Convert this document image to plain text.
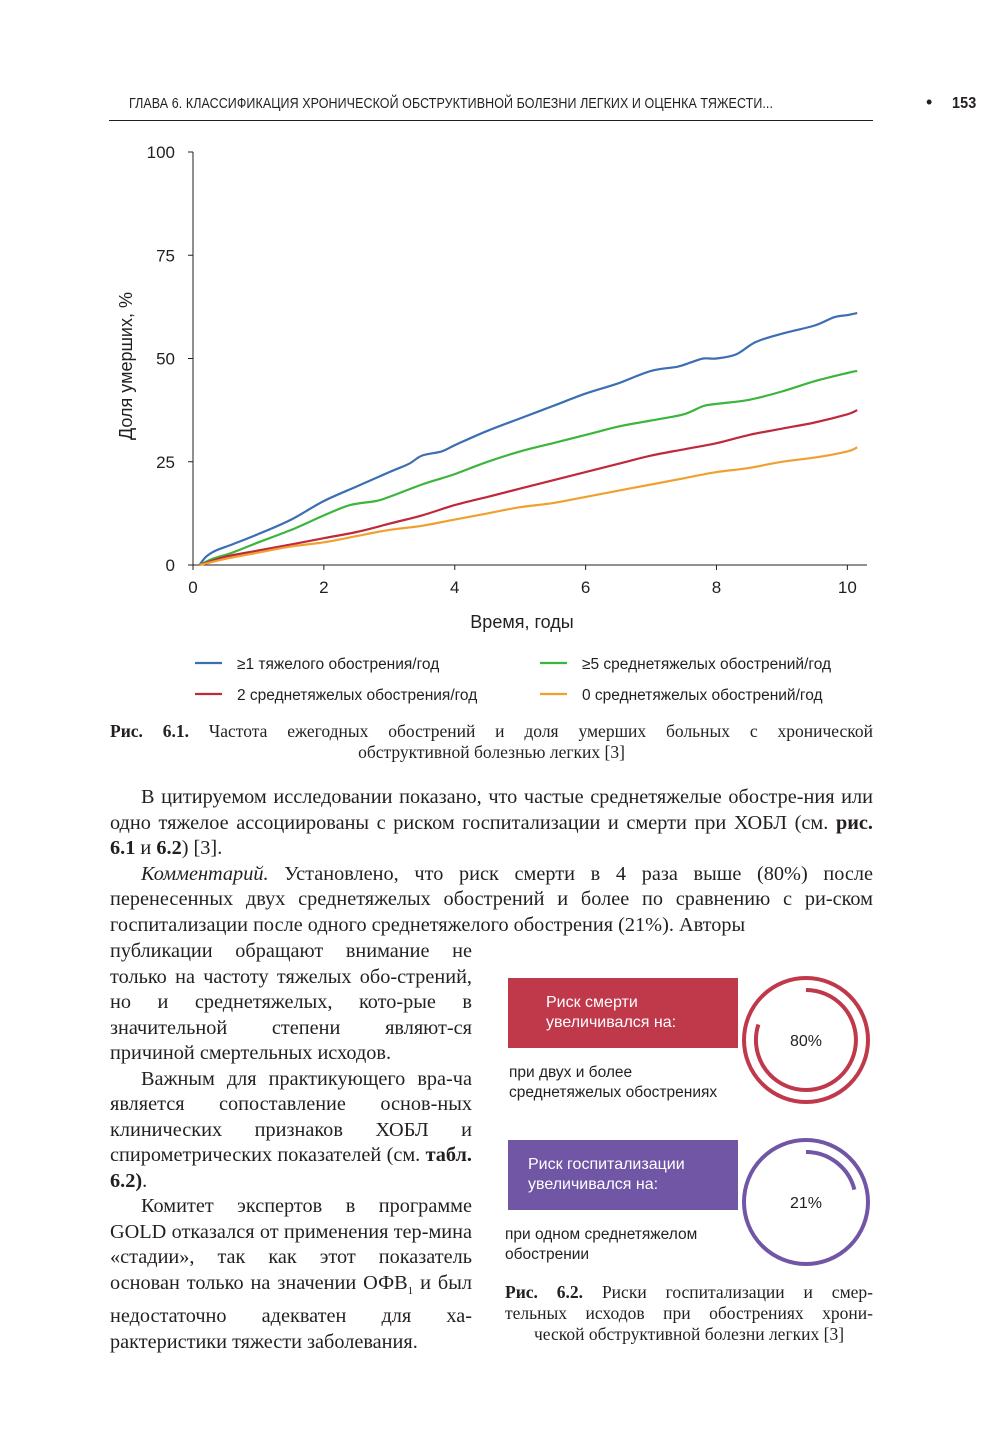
ГЛАВА 6. КЛАССИФИКАЦИЯ ХРОНИЧЕСКОЙ ОБСТРУКТИВНОЙ БОЛЕЗНИ ЛЕГКИХ И ОЦЕНКА ТЯЖЕСТИ...	• 153
0
25
50
75
100
0	2	4	6	8	10
Доля умерших, %
Время, годы
≥1 тяжелого обострения/год
2 среднетяжелых обострения/год
≥5 среднетяжелых обострений/год
0 среднетяжелых обострений/год
Рис. 6.1. Частота ежегодных обострений и доля умерших больных с хронической
обструктивной болезнью легких [3]

В цитируемом исследовании показано, что частые среднетяжелые обостре-ния или одно тяжелое ассоциированы с риском госпитализации и смерти при ХОБЛ (см. рис. 6.1 и 6.2) [3].

Комментарий. Установлено, что риск смерти в 4 раза выше (80%) после перенесенных двух среднетяжелых обострений и более по сравнению с ри-ском госпитализации после одного среднетяжелого обострения (21%). Авторы

публикации обращают внимание не только на частоту тяжелых обо-стрений, но и среднетяжелых, кото-рые в значительной степени являют-ся причиной смертельных исходов.

Важным для практикующего вра-ча является сопоставление основ-ных клинических признаков ХОБЛ и спирометрических показателей (см. табл. 6.2).

Комитет экспертов в программе GOLD отказался от применения тер-мина «стадии», так как этот показатель основан только на значении $ОФВ_1$ и был недостаточно адекватен для ха-рактеристики тяжести заболевания.

Риск смерти
увеличивался на:
при двух и более
среднетяжелых обострениях
Риск госпитализации
увеличивался на:
при одном среднетяжелом
обострении
80%
21%
Рис. 6.2. Риски госпитализации и смер-
тельных исходов при обострениях хрони-
ческой обструктивной болезни легких [3]
